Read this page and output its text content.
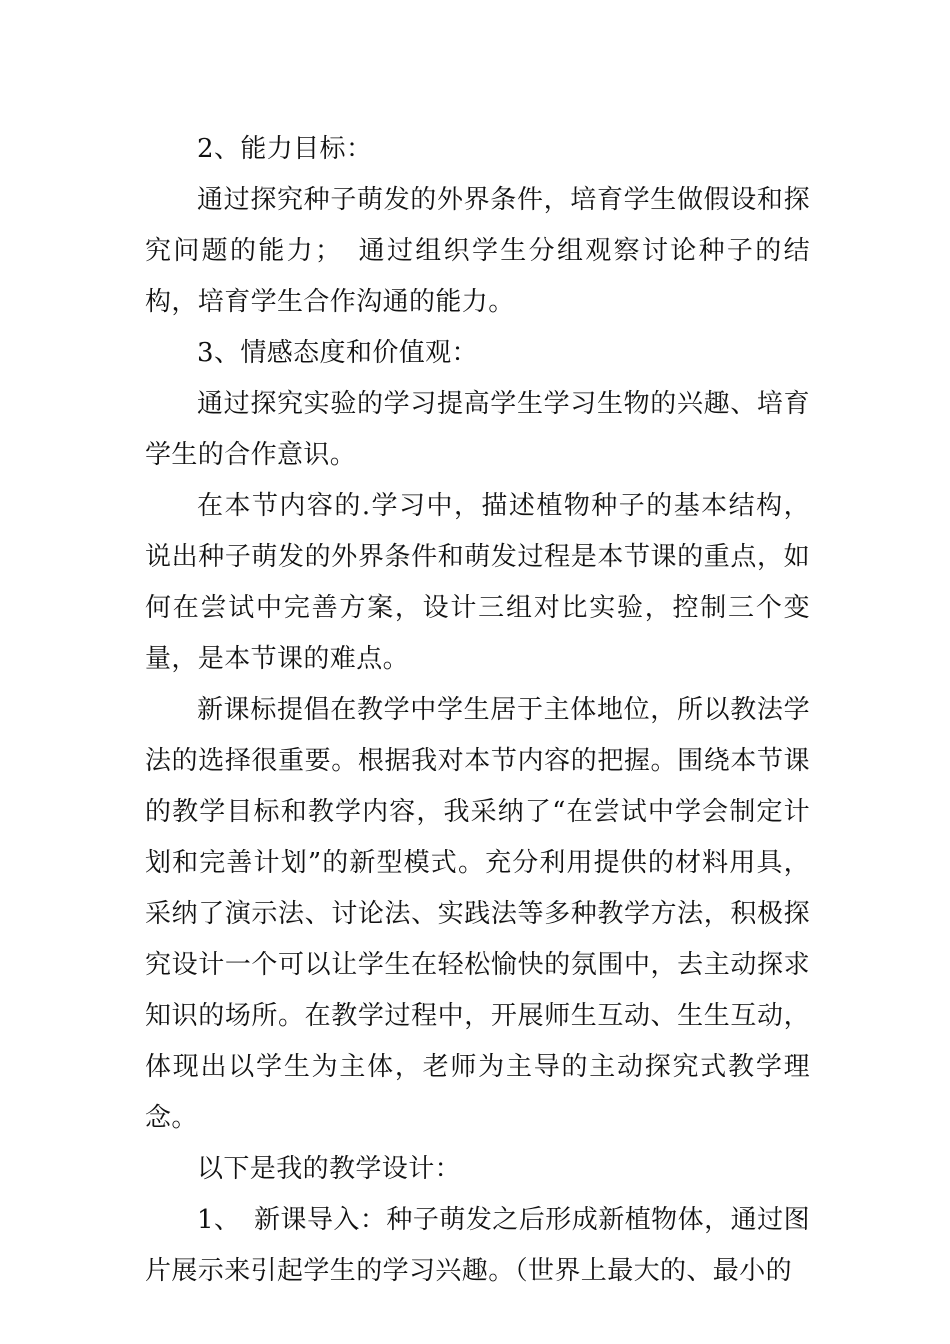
2、能力目标：

通过探究种子萌发的外界条件，培育学生做假设和探究问题的能力；　通过组织学生分组观察讨论种子的结构，培育学生合作沟通的能力。

3、情感态度和价值观：

通过探究实验的学习提高学生学习生物的兴趣、培育学生的合作意识。

在本节内容的.学习中，描述植物种子的基本结构，说出种子萌发的外界条件和萌发过程是本节课的重点，如何在尝试中完善方案，设计三组对比实验，控制三个变量，是本节课的难点。

新课标提倡在教学中学生居于主体地位，所以教法学法的选择很重要。根据我对本节内容的把握。围绕本节课的教学目标和教学内容，我采纳了“在尝试中学会制定计划和完善计划”的新型模式。充分利用提供的材料用具，采纳了演示法、讨论法、实践法等多种教学方法，积极探究设计一个可以让学生在轻松愉快的氛围中，去主动探求知识的场所。在教学过程中，开展师生互动、生生互动，体现出以学生为主体，老师为主导的主动探究式教学理念。

以下是我的教学设计：

1、　新课导入：种子萌发之后形成新植物体，通过图片展示来引起学生的学习兴趣。（世界上最大的、最小的
